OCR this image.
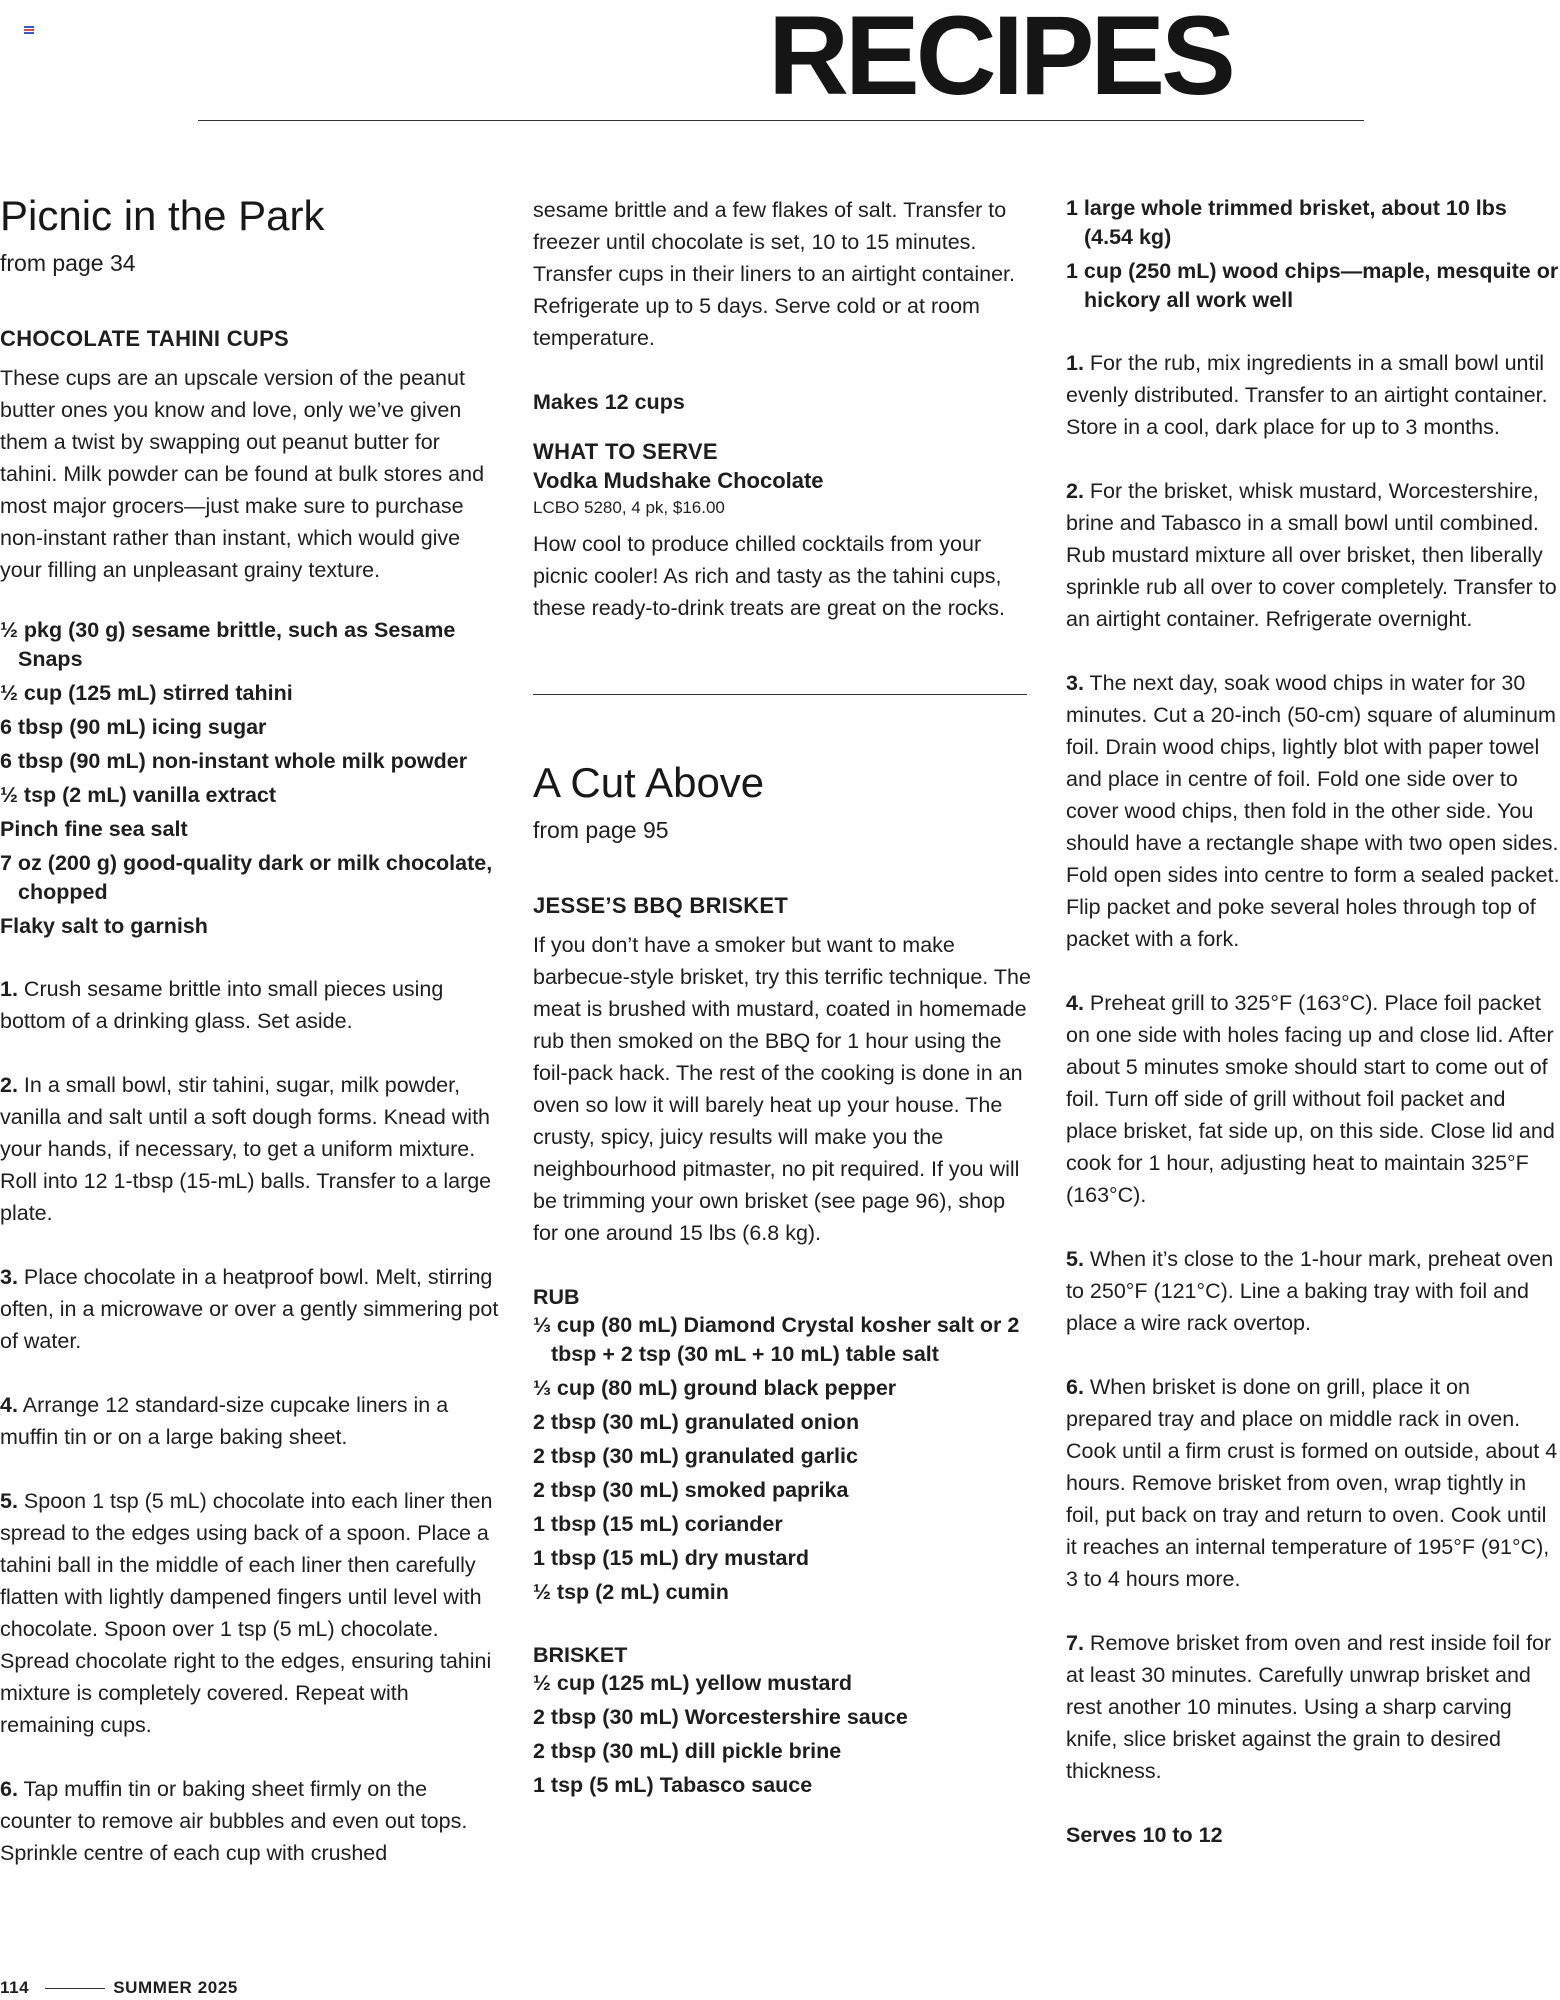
RECIPES
Picnic in the Park
from page 34
CHOCOLATE TAHINI CUPS

These cups are an upscale version of the peanut butter ones you know and love, only we’ve given them a twist by swapping out peanut butter for tahini. Milk powder can be found at bulk stores and most major grocers—just make sure to purchase non-instant rather than instant, which would give your filling an unpleasant grainy texture.

½ pkg (30 g) sesame brittle, such as Sesame Snaps
½ cup (125 mL) stirred tahini
6 tbsp (90 mL) icing sugar
6 tbsp (90 mL) non-instant whole milk powder
½ tsp (2 mL) vanilla extract
Pinch fine sea salt
7 oz (200 g) good-quality dark or milk chocolate, chopped
Flaky salt to garnish

1. Crush sesame brittle into small pieces using bottom of a drinking glass. Set aside.

2. In a small bowl, stir tahini, sugar, milk powder, vanilla and salt until a soft dough forms. Knead with your hands, if necessary, to get a uniform mixture. Roll into 12 1-tbsp (15-mL) balls. Transfer to a large plate.

3. Place chocolate in a heatproof bowl. Melt, stirring often, in a microwave or over a gently simmering pot of water.

4. Arrange 12 standard-size cupcake liners in a muffin tin or on a large baking sheet.

5. Spoon 1 tsp (5 mL) chocolate into each liner then spread to the edges using back of a spoon. Place a tahini ball in the middle of each liner then carefully flatten with lightly dampened fingers until level with chocolate. Spoon over 1 tsp (5 mL) chocolate. Spread chocolate right to the edges, ensuring tahini mixture is completely covered. Repeat with remaining cups.

6. Tap muffin tin or baking sheet firmly on the counter to remove air bubbles and even out tops. Sprinkle centre of each cup with crushed

sesame brittle and a few flakes of salt. Transfer to freezer until chocolate is set, 10 to 15 minutes. Transfer cups in their liners to an airtight container. Refrigerate up to 5 days. Serve cold or at room temperature.

Makes 12 cups

WHAT TO SERVE
Vodka Mudshake Chocolate
LCBO 5280, 4 pk, $16.00

How cool to produce chilled cocktails from your picnic cooler! As rich and tasty as the tahini cups, these ready-to-drink treats are great on the rocks.

A Cut Above
from page 95
JESSE’S BBQ BRISKET

If you don’t have a smoker but want to make barbecue-style brisket, try this terrific technique. The meat is brushed with mustard, coated in homemade rub then smoked on the BBQ for 1 hour using the foil-pack hack. The rest of the cooking is done in an oven so low it will barely heat up your house. The crusty, spicy, juicy results will make you the neighbourhood pitmaster, no pit required. If you will be trimming your own brisket (see page 96), shop for one around 15 lbs (6.8 kg).

RUB
⅓ cup (80 mL) Diamond Crystal kosher salt or 2 tbsp + 2 tsp (30 mL + 10 mL) table salt
⅓ cup (80 mL) ground black pepper
2 tbsp (30 mL) granulated onion
2 tbsp (30 mL) granulated garlic
2 tbsp (30 mL) smoked paprika
1 tbsp (15 mL) coriander
1 tbsp (15 mL) dry mustard
½ tsp (2 mL) cumin
BRISKET
½ cup (125 mL) yellow mustard
2 tbsp (30 mL) Worcestershire sauce
2 tbsp (30 mL) dill pickle brine
1 tsp (5 mL) Tabasco sauce
1 large whole trimmed brisket, about 10 lbs (4.54 kg)
1 cup (250 mL) wood chips—maple, mesquite or hickory all work well

1. For the rub, mix ingredients in a small bowl until evenly distributed. Transfer to an airtight container. Store in a cool, dark place for up to 3 months.

2. For the brisket, whisk mustard, Worcestershire, brine and Tabasco in a small bowl until combined. Rub mustard mixture all over brisket, then liberally sprinkle rub all over to cover completely. Transfer to an airtight container. Refrigerate overnight.

3. The next day, soak wood chips in water for 30 minutes. Cut a 20-inch (50-cm) square of aluminum foil. Drain wood chips, lightly blot with paper towel and place in centre of foil. Fold one side over to cover wood chips, then fold in the other side. You should have a rectangle shape with two open sides. Fold open sides into centre to form a sealed packet. Flip packet and poke several holes through top of packet with a fork.

4. Preheat grill to 325°F (163°C). Place foil packet on one side with holes facing up and close lid. After about 5 minutes smoke should start to come out of foil. Turn off side of grill without foil packet and place brisket, fat side up, on this side. Close lid and cook for 1 hour, adjusting heat to maintain 325°F (163°C).

5. When it’s close to the 1-hour mark, preheat oven to 250°F (121°C). Line a baking tray with foil and place a wire rack overtop.

6. When brisket is done on grill, place it on prepared tray and place on middle rack in oven. Cook until a firm crust is formed on outside, about 4 hours. Remove brisket from oven, wrap tightly in foil, put back on tray and return to oven. Cook until it reaches an internal temperature of 195°F (91°C), 3 to 4 hours more.

7. Remove brisket from oven and rest inside foil for at least 30 minutes. Carefully unwrap brisket and rest another 10 minutes. Using a sharp carving knife, slice brisket against the grain to desired thickness.

Serves 10 to 12

114	SUMMER 2025
